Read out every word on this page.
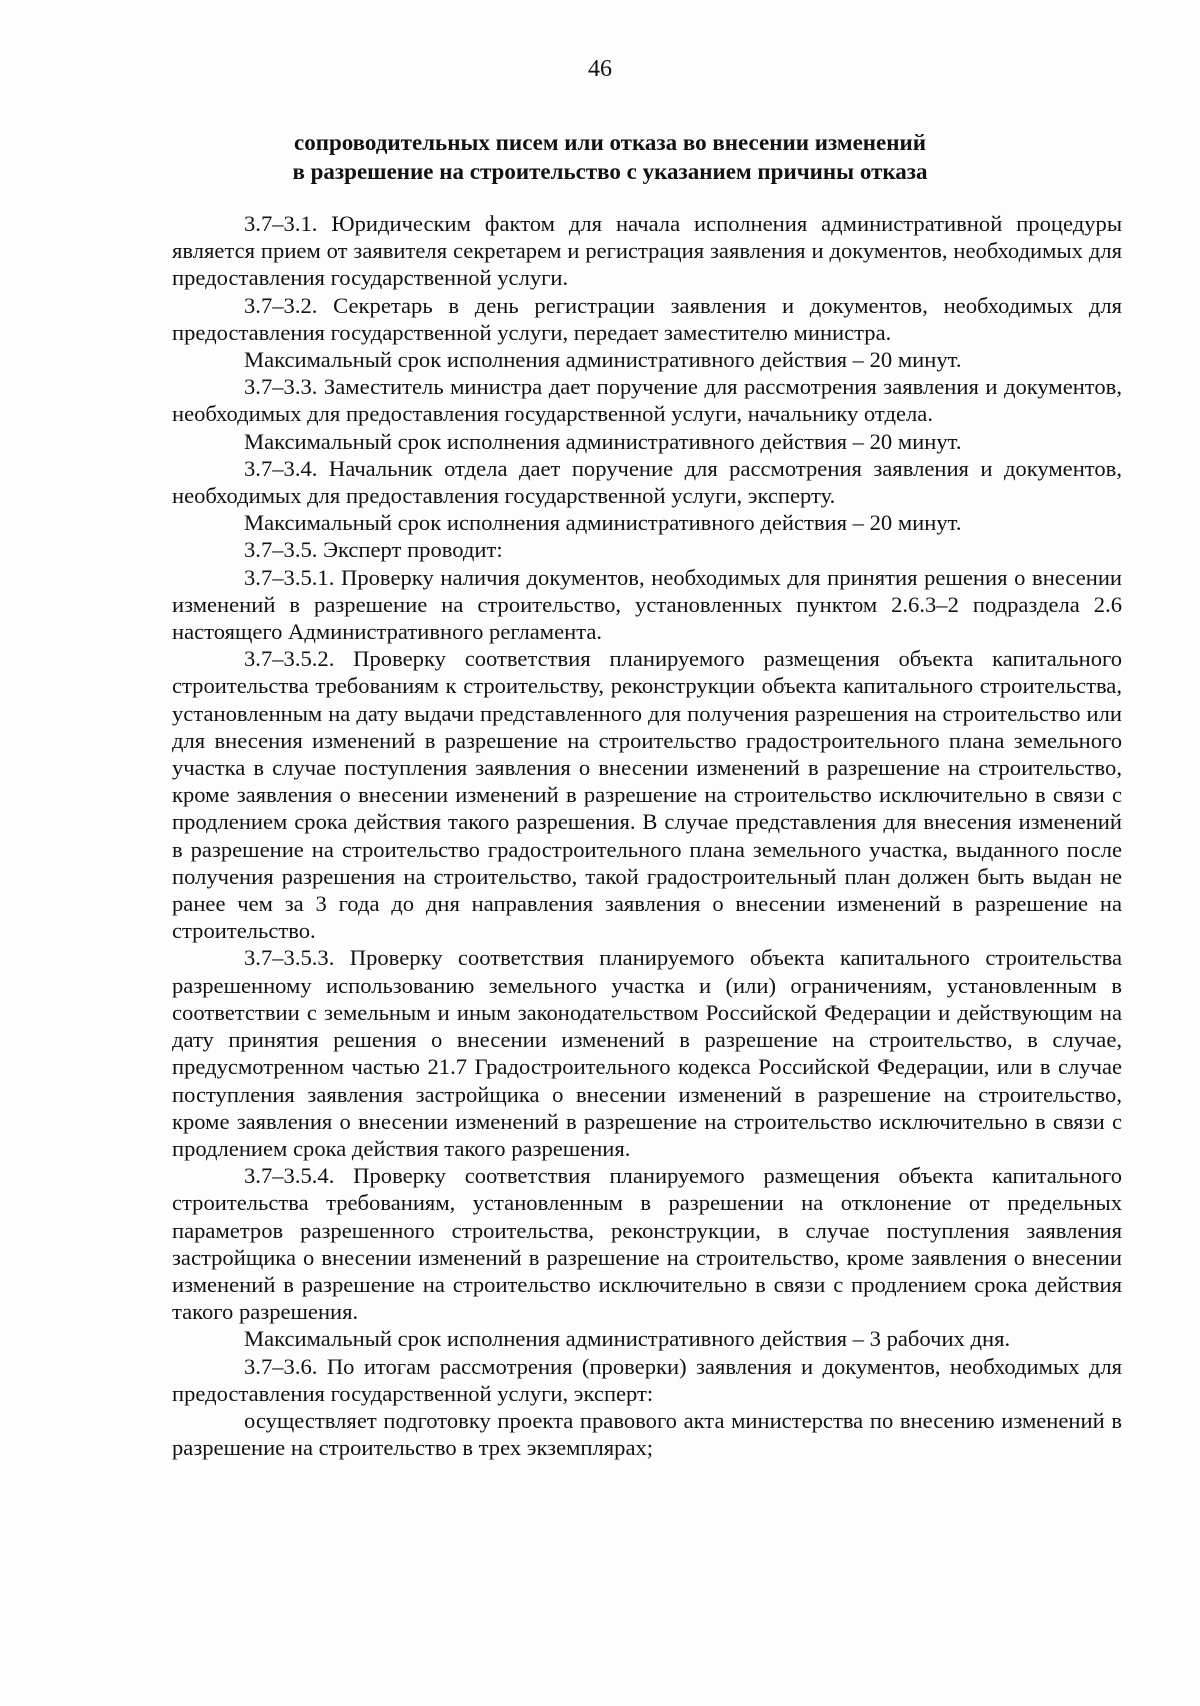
46
сопроводительных писем или отказа во внесении изменений
в разрешение на строительство с указанием причины отказа

3.7–3.1. Юридическим фактом для начала исполнения административной процедуры является прием от заявителя секретарем и регистрация заявления и документов, необходимых для предоставления государственной услуги.

3.7–3.2. Секретарь в день регистрации заявления и документов, необходимых для предоставления государственной услуги, передает заместителю министра.

Максимальный срок исполнения административного действия – 20 минут.

3.7–3.3. Заместитель министра дает поручение для рассмотрения заявления и документов, необходимых для предоставления государственной услуги, начальнику отдела.

Максимальный срок исполнения административного действия – 20 минут.

3.7–3.4. Начальник отдела дает поручение для рассмотрения заявления и документов, необходимых для предоставления государственной услуги, эксперту.

Максимальный срок исполнения административного действия – 20 минут.

3.7–3.5. Эксперт проводит:

3.7–3.5.1. Проверку наличия документов, необходимых для принятия решения о внесении изменений в разрешение на строительство, установленных пунктом 2.6.3–2 подраздела 2.6 настоящего Административного регламента.

3.7–3.5.2. Проверку соответствия планируемого размещения объекта капитального строительства требованиям к строительству, реконструкции объекта капитального строительства, установленным на дату выдачи представленного для получения разрешения на строительство или для внесения изменений в разрешение на строительство градостроительного плана земельного участка в случае поступления заявления о внесении изменений в разрешение на строительство, кроме заявления о внесении изменений в разрешение на строительство исключительно в связи с продлением срока действия такого разрешения. В случае представления для внесения изменений в разрешение на строительство градостроительного плана земельного участка, выданного после получения разрешения на строительство, такой градостроительный план должен быть выдан не ранее чем за 3 года до дня направления заявления о внесении изменений в разрешение на строительство.

3.7–3.5.3. Проверку соответствия планируемого объекта капитального строительства разрешенному использованию земельного участка и (или) ограничениям, установленным в соответствии с земельным и иным законодательством Российской Федерации и действующим на дату принятия решения о внесении изменений в разрешение на строительство, в случае, предусмотренном частью 21.7 Градостроительного кодекса Российской Федерации, или в случае поступления заявления застройщика о внесении изменений в разрешение на строительство, кроме заявления о внесении изменений в разрешение на строительство исключительно в связи с продлением срока действия такого разрешения.

3.7–3.5.4. Проверку соответствия планируемого размещения объекта капитального строительства требованиям, установленным в разрешении на отклонение от предельных параметров разрешенного строительства, реконструкции, в случае поступления заявления застройщика о внесении изменений в разрешение на строительство, кроме заявления о внесении изменений в разрешение на строительство исключительно в связи с продлением срока действия такого разрешения.

Максимальный срок исполнения административного действия – 3 рабочих дня.

3.7–3.6. По итогам рассмотрения (проверки) заявления и документов, необходимых для предоставления государственной услуги, эксперт:

осуществляет подготовку проекта правового акта министерства по внесению изменений в разрешение на строительство в трех экземплярах;
